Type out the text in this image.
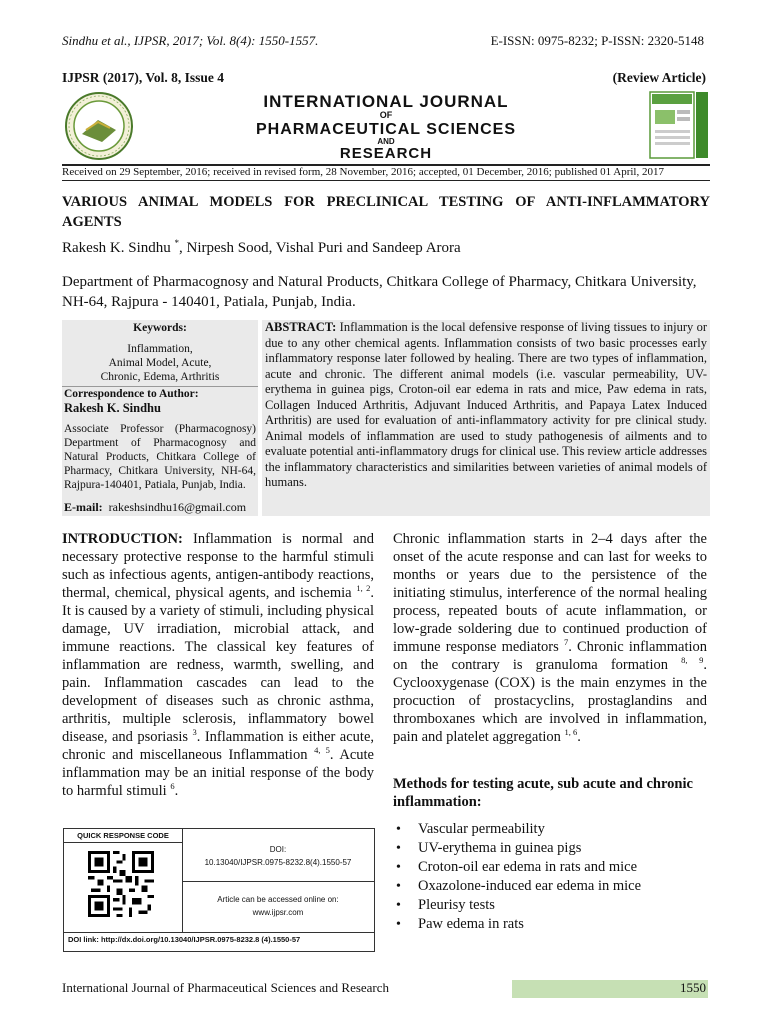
Sindhu et al., IJPSR, 2017; Vol. 8(4): 1550-1557.	E-ISSN: 0975-8232; P-ISSN: 2320-5148
IJPSR (2017), Vol. 8, Issue 4	(Review Article)
INTERNATIONAL JOURNAL
OF
PHARMACEUTICAL SCIENCES
AND
RESEARCH
Received on 29 September, 2016; received in revised form, 28 November, 2016; accepted, 01 December, 2016; published 01 April, 2017
VARIOUS ANIMAL MODELS FOR PRECLINICAL TESTING OF ANTI-INFLAMMATORY AGENTS
Rakesh K. Sindhu *, Nirpesh Sood, Vishal Puri and Sandeep Arora
Department of Pharmacognosy and Natural Products, Chitkara College of Pharmacy, Chitkara University, NH-64, Rajpura - 140401, Patiala, Punjab, India.
Keywords:
Inflammation,
Animal Model, Acute,
Chronic, Edema, Arthritis
Correspondence to Author:
Rakesh K. Sindhu
Associate Professor (Pharmacognosy) Department of Pharmacognosy and Natural Products, Chitkara College of Pharmacy, Chitkara University, NH-64, Rajpura-140401, Patiala, Punjab, India.
E-mail: rakeshsindhu16@gmail.com
ABSTRACT: Inflammation is the local defensive response of living tissues to injury or due to any other chemical agents. Inflammation consists of two basic processes early inflammatory response later followed by healing. There are two types of inflammation, acute and chronic. The different animal models (i.e. vascular permeability, UV-erythema in guinea pigs, Croton-oil ear edema in rats and mice, Paw edema in rats, Collagen Induced Arthritis, Adjuvant Induced Arthritis, and Papaya Latex Induced Arthritis) are used for evaluation of anti-inflammatory activity for pre clinical study. Animal models of inflammation are used to study pathogenesis of ailments and to evaluate potential anti-inflammatory drugs for clinical use. This review article addresses the inflammatory characteristics and similarities between varieties of animal models of humans.
INTRODUCTION: Inflammation is normal and necessary protective response to the harmful stimuli such as infectious agents, antigen-antibody reactions, thermal, chemical, physical agents, and ischemia $^{1, 2}$. It is caused by a variety of stimuli, including physical damage, UV irradiation, microbial attack, and immune reactions. The classical key features of inflammation are redness, warmth, swelling, and pain. Inflammation cascades can lead to the development of diseases such as chronic asthma, arthritis, multiple sclerosis, inflammatory bowel disease, and psoriasis $^3$. Inflammation is either acute, chronic and miscellaneous Inflammation $^{4, 5}$. Acute inflammation may be an initial response of the body to harmful stimuli $^6$.
Chronic inflammation starts in 2–4 days after the onset of the acute response and can last for weeks to months or years due to the persistence of the initiating stimulus, interference of the normal healing process, repeated bouts of acute inflammation, or low-grade soldering due to continued production of immune response mediators $^7$. Chronic inflammation on the contrary is granuloma formation $^{8, 9}$. Cyclooxygenase (COX) is the main enzymes in the procuction of prostacyclins, prostaglandins and thromboxanes which are involved in inflammation, pain and platelet aggregation $^{1, 6}$.
Methods for testing acute, sub acute and chronic inflammation:
• Vascular permeability
• UV-erythema in guinea pigs
• Croton-oil ear edema in rats and mice
• Oxazolone-induced ear edema in mice
• Pleurisy tests
• Paw edema in rats
QUICK RESPONSE CODE
DOI:
10.13040/IJPSR.0975-8232.8(4).1550-57
Article can be accessed online on:
www.ijpsr.com
DOI link: http://dx.doi.org/10.13040/IJPSR.0975-8232.8 (4).1550-57
International Journal of Pharmaceutical Sciences and Research	1550
